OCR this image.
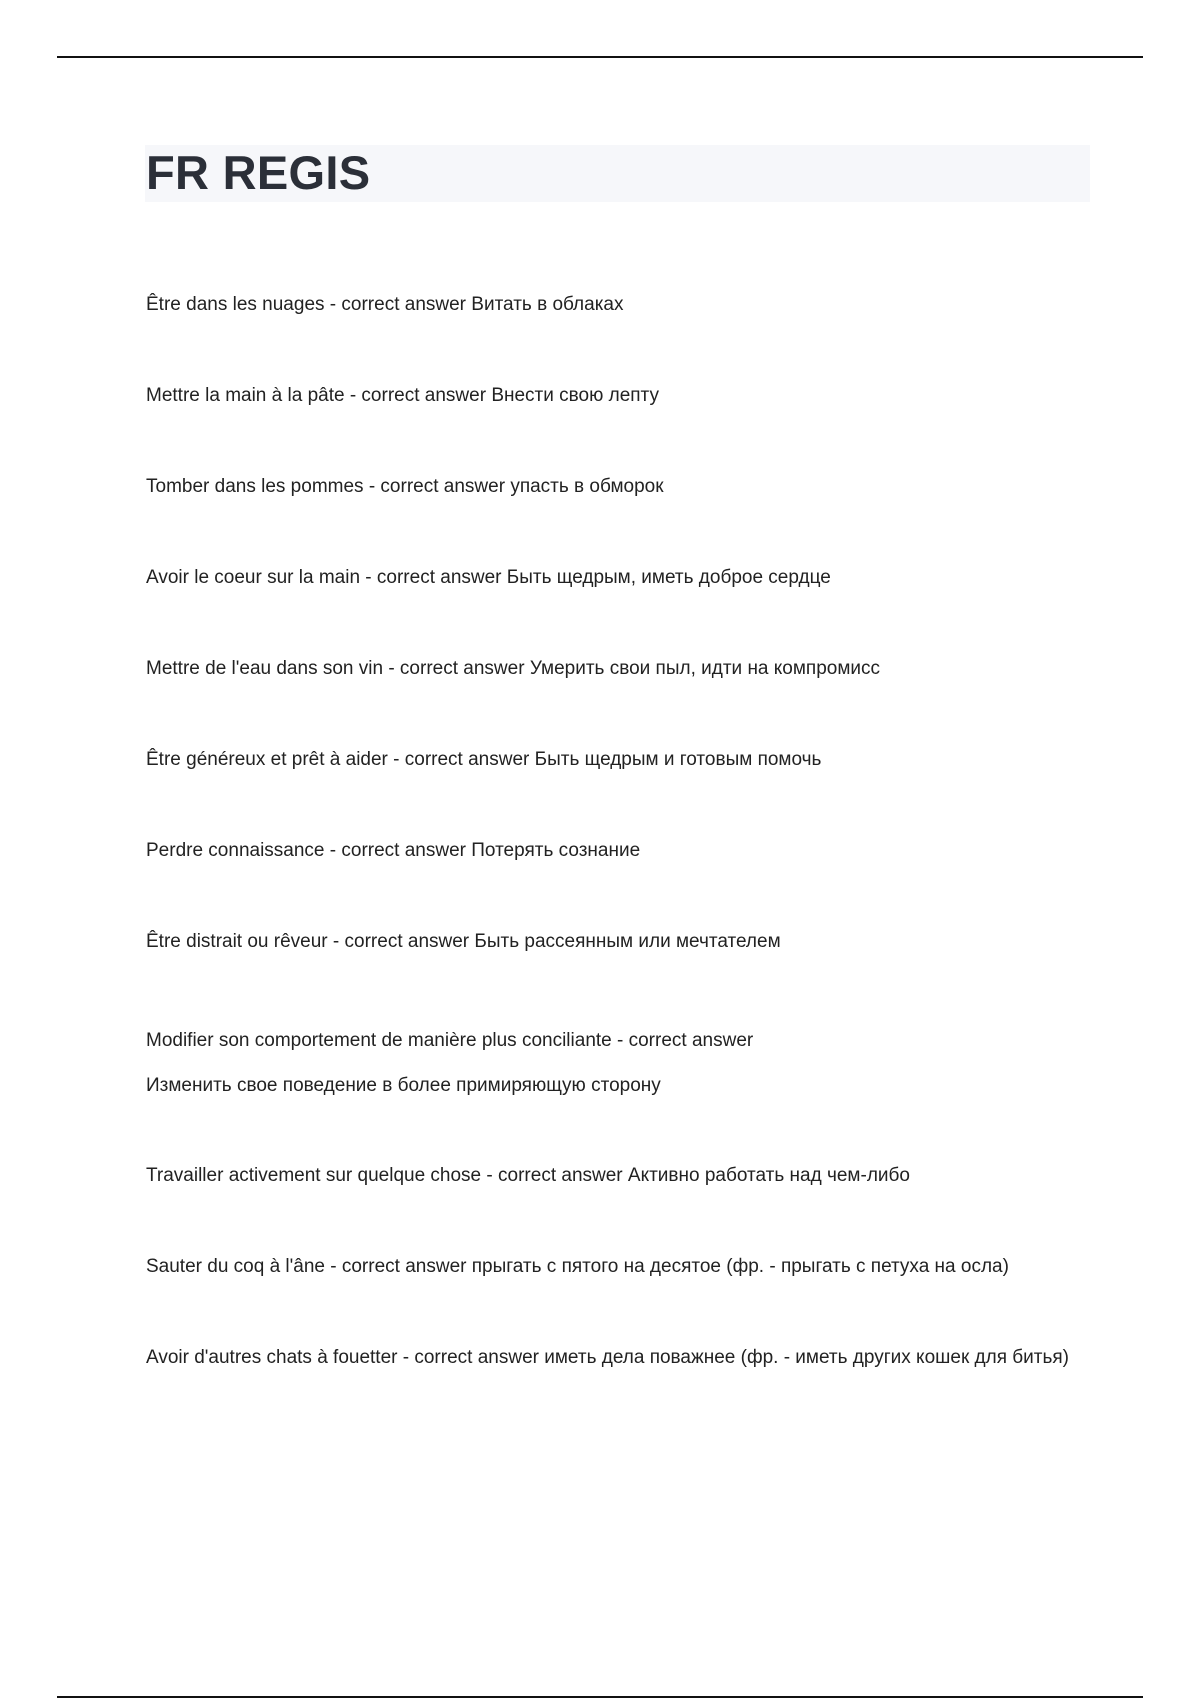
FR REGIS
Être dans les nuages - correct answer Витать в облаках
Mettre la main à la pâte - correct answer Внести свою лепту
Tomber dans les pommes - correct answer упасть в обморок
Avoir le coeur sur la main - correct answer Быть щедрым, иметь доброе сердце
Mettre de l'eau dans son vin - correct answer Умерить свои пыл, идти на компромисс
Être généreux et prêt à aider - correct answer Быть щедрым и готовым помочь
Perdre connaissance - correct answer Потерять сознание
Être distrait ou rêveur - correct answer Быть рассеянным или мечтателем
Modifier son comportement de manière plus conciliante - correct answer
Изменить свое поведение в более примиряющую сторону
Travailler activement sur quelque chose - correct answer Активно работать над чем-либо
Sauter du coq à l'âne - correct answer прыгать с пятого на десятое (фр. - прыгать с петуха на осла)
Avoir d'autres chats à fouetter - correct answer иметь дела поважнее (фр. - иметь других кошек для битья)
